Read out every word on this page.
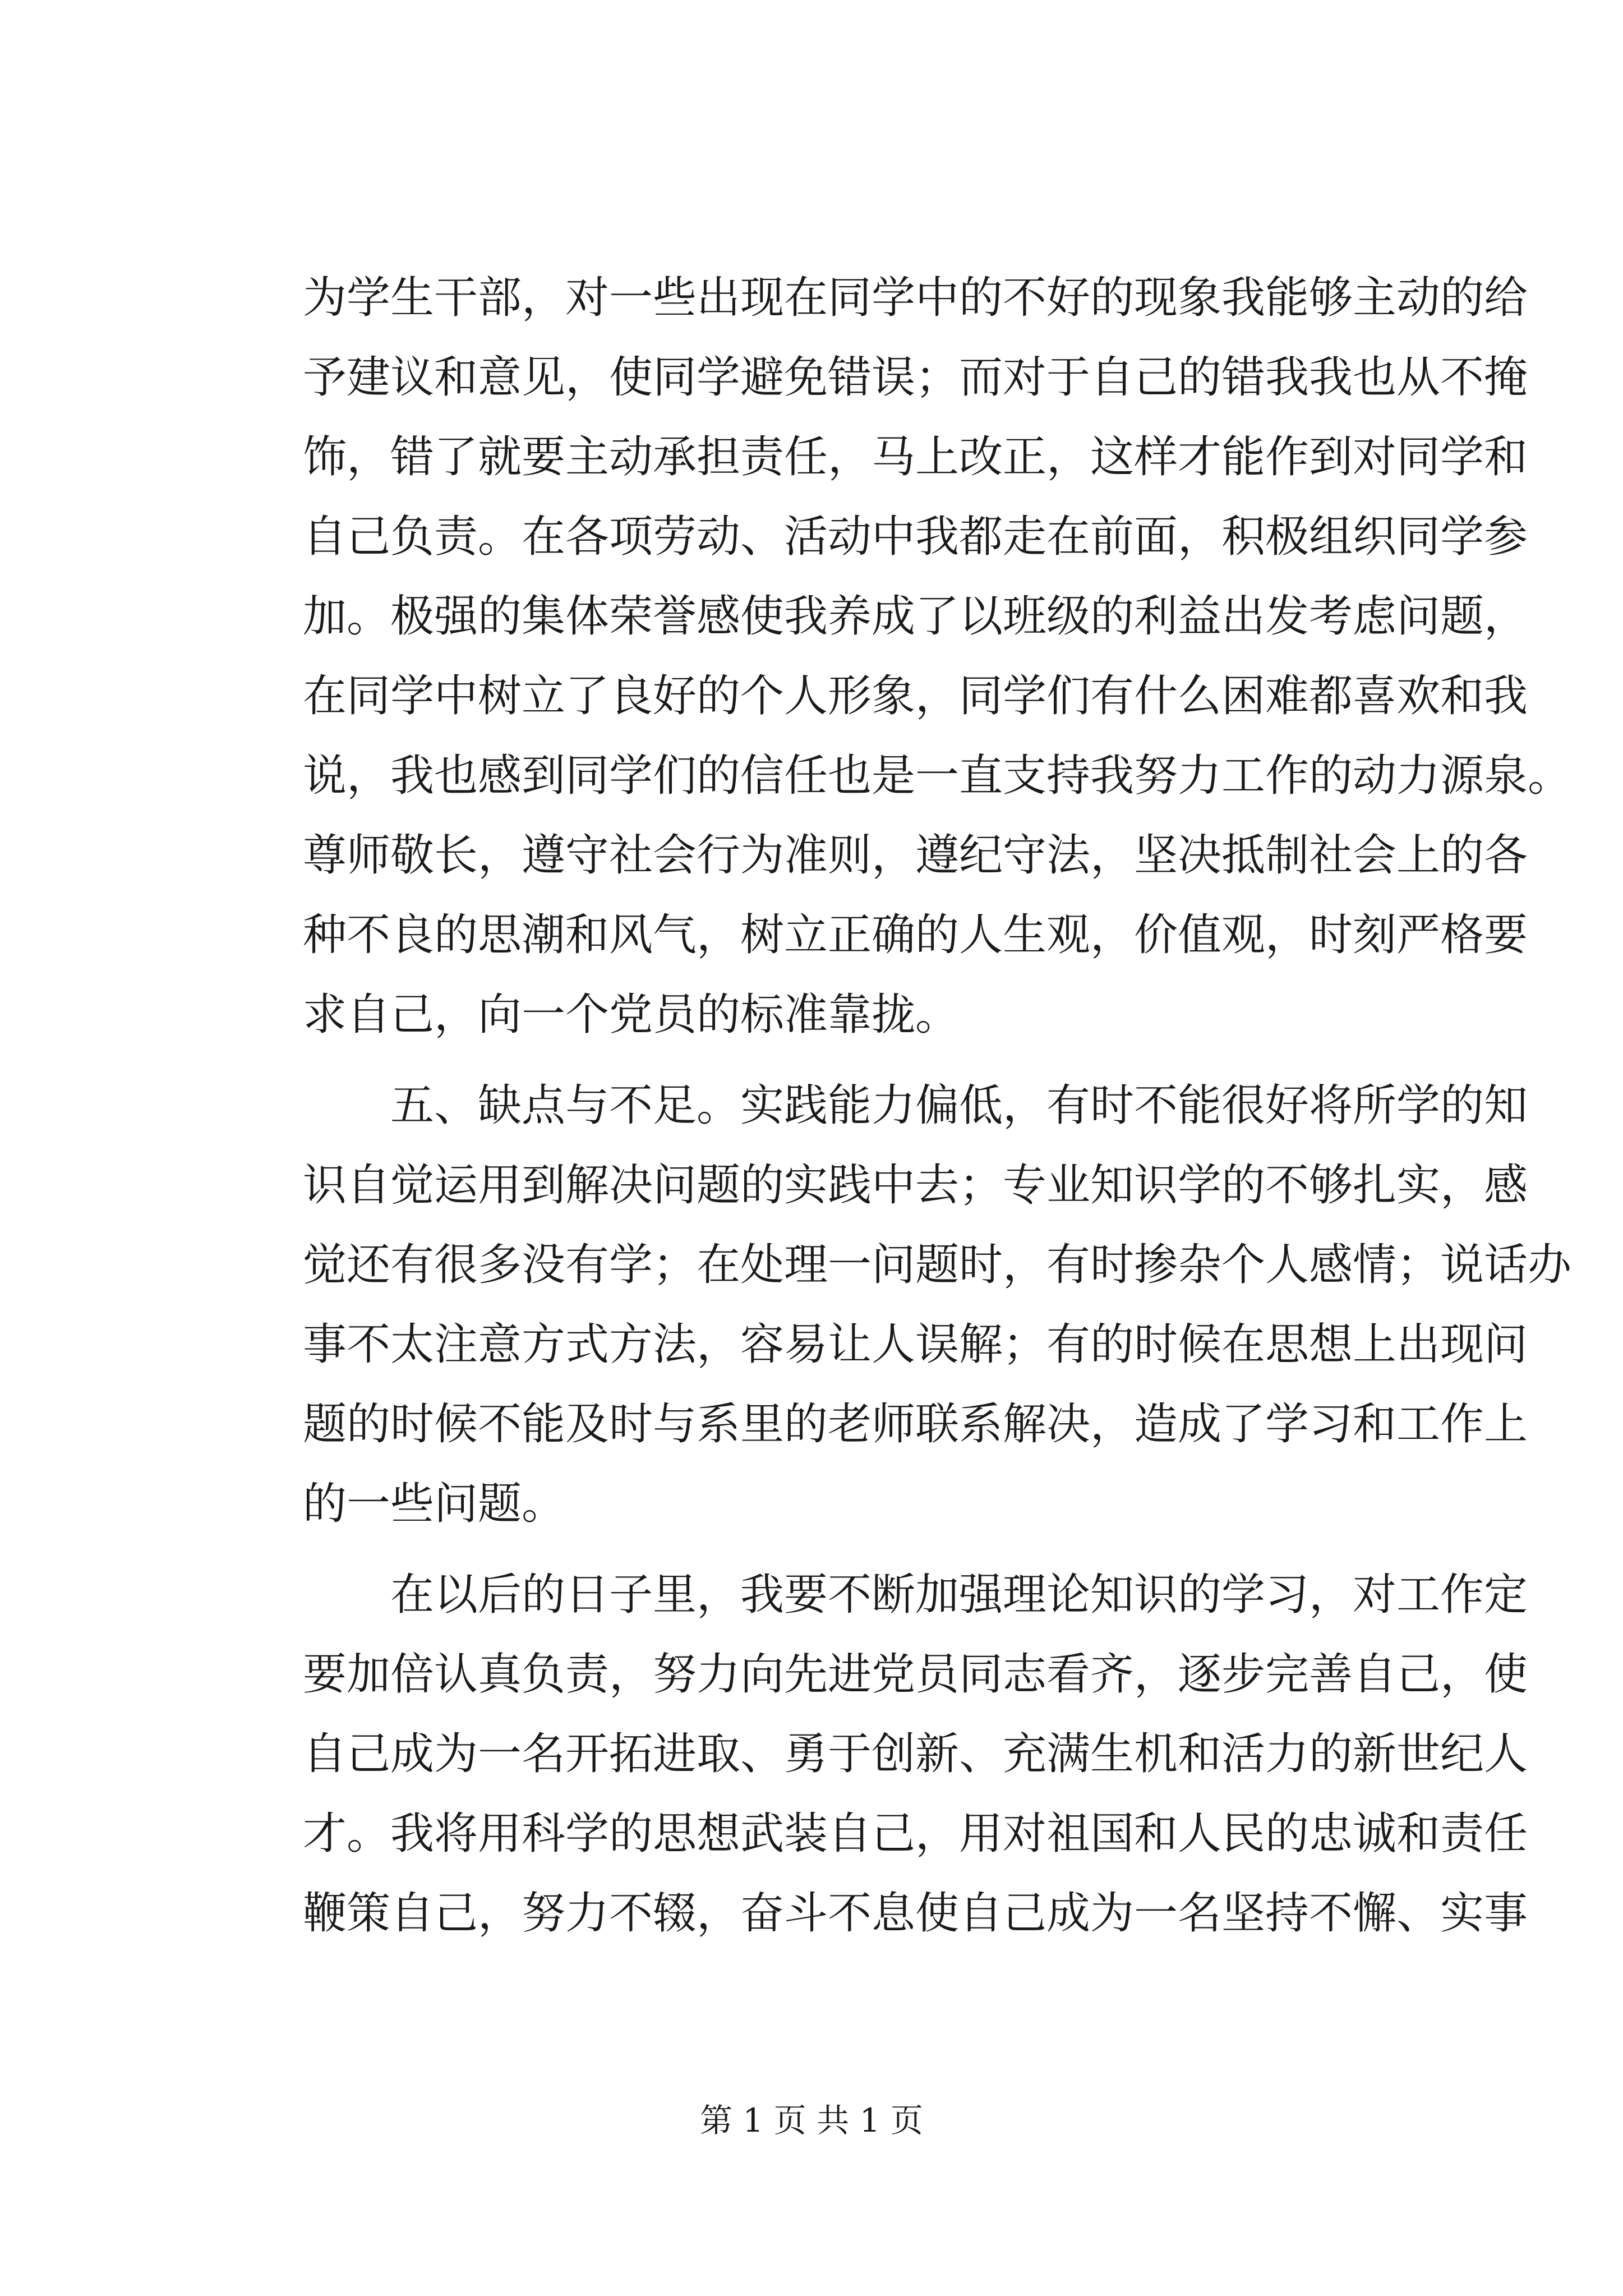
为学生干部，对一些出现在同学中的不好的现象我能够主动的给
予建议和意见，使同学避免错误；而对于自己的错我我也从不掩
饰，错了就要主动承担责任，马上改正，这样才能作到对同学和
自己负责。在各项劳动、活动中我都走在前面，积极组织同学参
加。极强的集体荣誉感使我养成了以班级的利益出发考虑问题，
在同学中树立了良好的个人形象，同学们有什么困难都喜欢和我
说，我也感到同学们的信任也是一直支持我努力工作的动力源泉。
尊师敬长，遵守社会行为准则，遵纪守法，坚决抵制社会上的各
种不良的思潮和风气，树立正确的人生观，价值观，时刻严格要
求自己，向一个党员的标准靠拢。
　　五、缺点与不足。实践能力偏低，有时不能很好将所学的知
识自觉运用到解决问题的实践中去；专业知识学的不够扎实，感
觉还有很多没有学；在处理一问题时，有时掺杂个人感情；说话办
事不太注意方式方法，容易让人误解；有的时候在思想上出现问
题的时候不能及时与系里的老师联系解决，造成了学习和工作上
的一些问题。
　　在以后的日子里，我要不断加强理论知识的学习，对工作定
要加倍认真负责，努力向先进党员同志看齐，逐步完善自己，使
自己成为一名开拓进取、勇于创新、充满生机和活力的新世纪人
才。我将用科学的思想武装自己，用对祖国和人民的忠诚和责任
鞭策自己，努力不辍，奋斗不息使自己成为一名坚持不懈、实事
第 1 页 共 1 页
